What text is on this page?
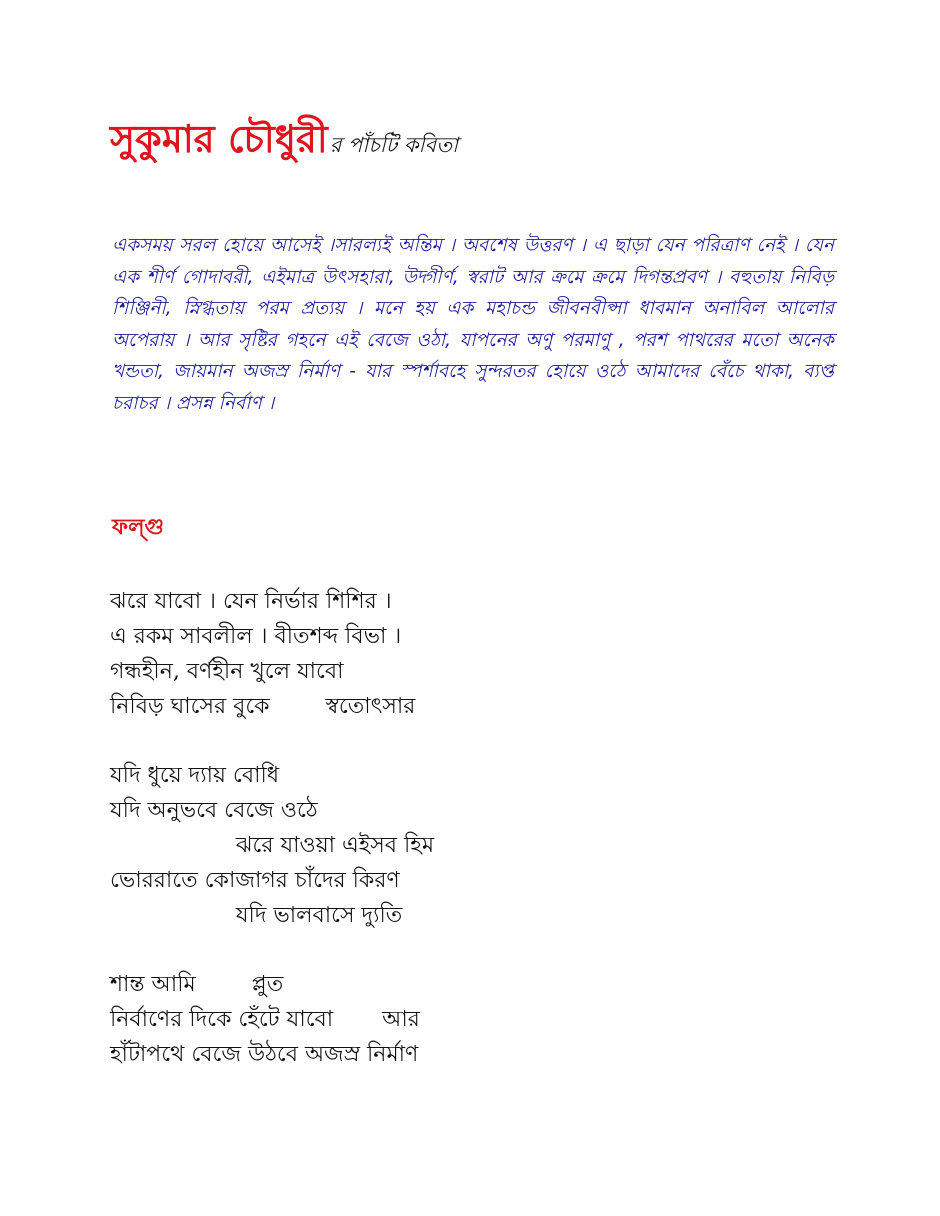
সুকুমার চৌধুরীর পাঁচটি কবিতা

একসময় সরল হোয়ে আসেই ।সারল্যই অন্তিম । অবশেষ উত্তরণ । এ ছাড়া যেন পরিত্রাণ নেই । যেন এক শীর্ণ গোদাবরী, এইমাত্র উৎসহারা, উদ্গীর্ণ, স্বরাট আর ক্রমে ক্রমে দিগন্তপ্রবণ । বহুতায় নিবিড় শিঞ্জিনী, স্নিগ্ধতায় পরম প্রত্যয় । মনে হয় এক মহাচন্ড জীবনবীপ্সা ধাবমান অনাবিল আলোর অপেরায় । আর সৃষ্টির গহনে এই বেজে ওঠা, যাপনের অণু পরমাণু , পরশ পাথরের মতো অনেক খন্ডতা, জায়মান অজস্র নির্মাণ - যার স্পর্শাবহে সুন্দরতর হোয়ে ওঠে আমাদের বেঁচে থাকা, ব্যপ্ত চরাচর । প্রসন্ন নির্বাণ ।

ফল্গু
ঝরে যাবো । যেন নির্ভার শিশির ।
এ রকম সাবলীল । বীতশব্দ বিভা ।
গন্ধহীন, বর্ণহীন খুলে যাবো
নিবিড় ঘাসের বুকে        স্বতোৎসার
যদি ধুয়ে দ্যায় বোধি
যদি অনুভবে বেজে ওঠে
ঝরে যাওয়া এইসব হিম
ভোররাতে কোজাগর চাঁদের কিরণ
যদি ভালবাসে দ্যুতি
শান্ত আমি        প্লুত
নির্বাণের দিকে হেঁটে যাবো       আর
হাঁটাপথে বেজে উঠবে অজস্র নির্মাণ
